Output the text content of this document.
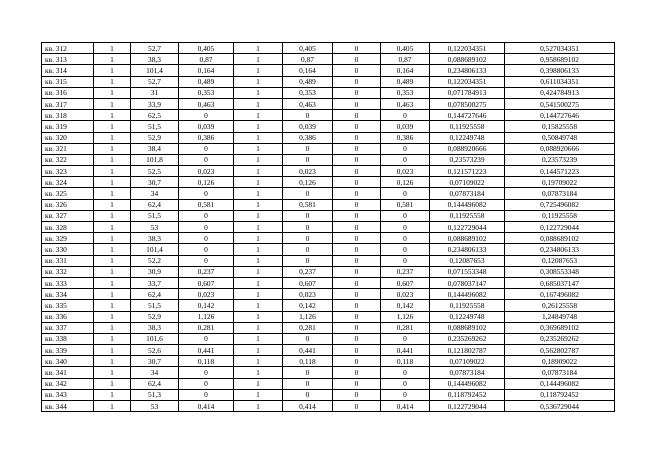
кв. 312	1	52,7	0,405	1	0,405	0	0,405	0,122034351	0,527034351
кв. 313	1	38,3	0,87	1	0,87	0	0,87	0,088689102	0,958689102
кв. 314	1	101,4	0,164	1	0,164	0	0,164	0,234806133	0,398806133
кв. 315	1	52,7	0,489	1	0,489	0	0,489	0,122034351	0,611034351
кв. 316	1	31	0,353	1	0,353	0	0,353	0,071784913	0,424784913
кв. 317	1	33,9	0,463	1	0,463	0	0,463	0,078500275	0,541500275
кв. 318	1	62,5	0	1	0	0	0	0,144727646	0,144727646
кв. 319	1	51,5	0,039	1	0,039	0	0,039	0,11925558	0,15825558
кв. 320	1	52,9	0,386	1	0,386	0	0,386	0,12249748	0,50849748
кв. 321	1	38,4	0	1	0	0	0	0,088920666	0,088920666
кв. 322	1	101,8	0	1	0	0	0	0,23573239	0,23573239
кв. 323	1	52,5	0,023	1	0,023	0	0,023	0,121571223	0,144571223
кв. 324	1	30,7	0,126	1	0,126	0	0,126	0,07109022	0,19709022
кв. 325	1	34	0	1	0	0	0	0,07873184	0,07873184
кв. 326	1	62,4	0,581	1	0,581	0	0,581	0,144496082	0,725496082
кв. 327	1	51,5	0	1	0	0	0	0,11925558	0,11925558
кв. 328	1	53	0	1	0	0	0	0,122729044	0,122729044
кв. 329	1	38,3	0	1	0	0	0	0,088689102	0,088689102
кв. 330	1	101,4	0	1	0	0	0	0,234806133	0,234806133
кв. 331	1	52,2	0	1	0	0	0	0,12087653	0,12087653
кв. 332	1	30,9	0,237	1	0,237	0	0,237	0,071553348	0,308553348
кв. 333	1	33,7	0,607	1	0,607	0	0,607	0,078037147	0,685037147
кв. 334	1	62,4	0,023	1	0,023	0	0,023	0,144496082	0,167496082
кв. 335	1	51,5	0,142	1	0,142	0	0,142	0,11925558	0,26125558
кв. 336	1	52,9	1,126	1	1,126	0	1,126	0,12249748	1,24849748
кв. 337	1	38,3	0,281	1	0,281	0	0,281	0,088689102	0,369689102
кв. 338	1	101,6	0	1	0	0	0	0,235269262	0,235269262
кв. 339	1	52,6	0,441	1	0,441	0	0,441	0,121802787	0,562802787
кв. 340	1	30,7	0,118	1	0,118	0	0,118	0,07109022	0,18909022
кв. 341	1	34	0	1	0	0	0	0,07873184	0,07873184
кв. 342	1	62,4	0	1	0	0	0	0,144496082	0,144496082
кв. 343	1	51,3	0	1	0	0	0	0,118792452	0,118792452
кв. 344	1	53	0,414	1	0,414	0	0,414	0,122729044	0,536729044
